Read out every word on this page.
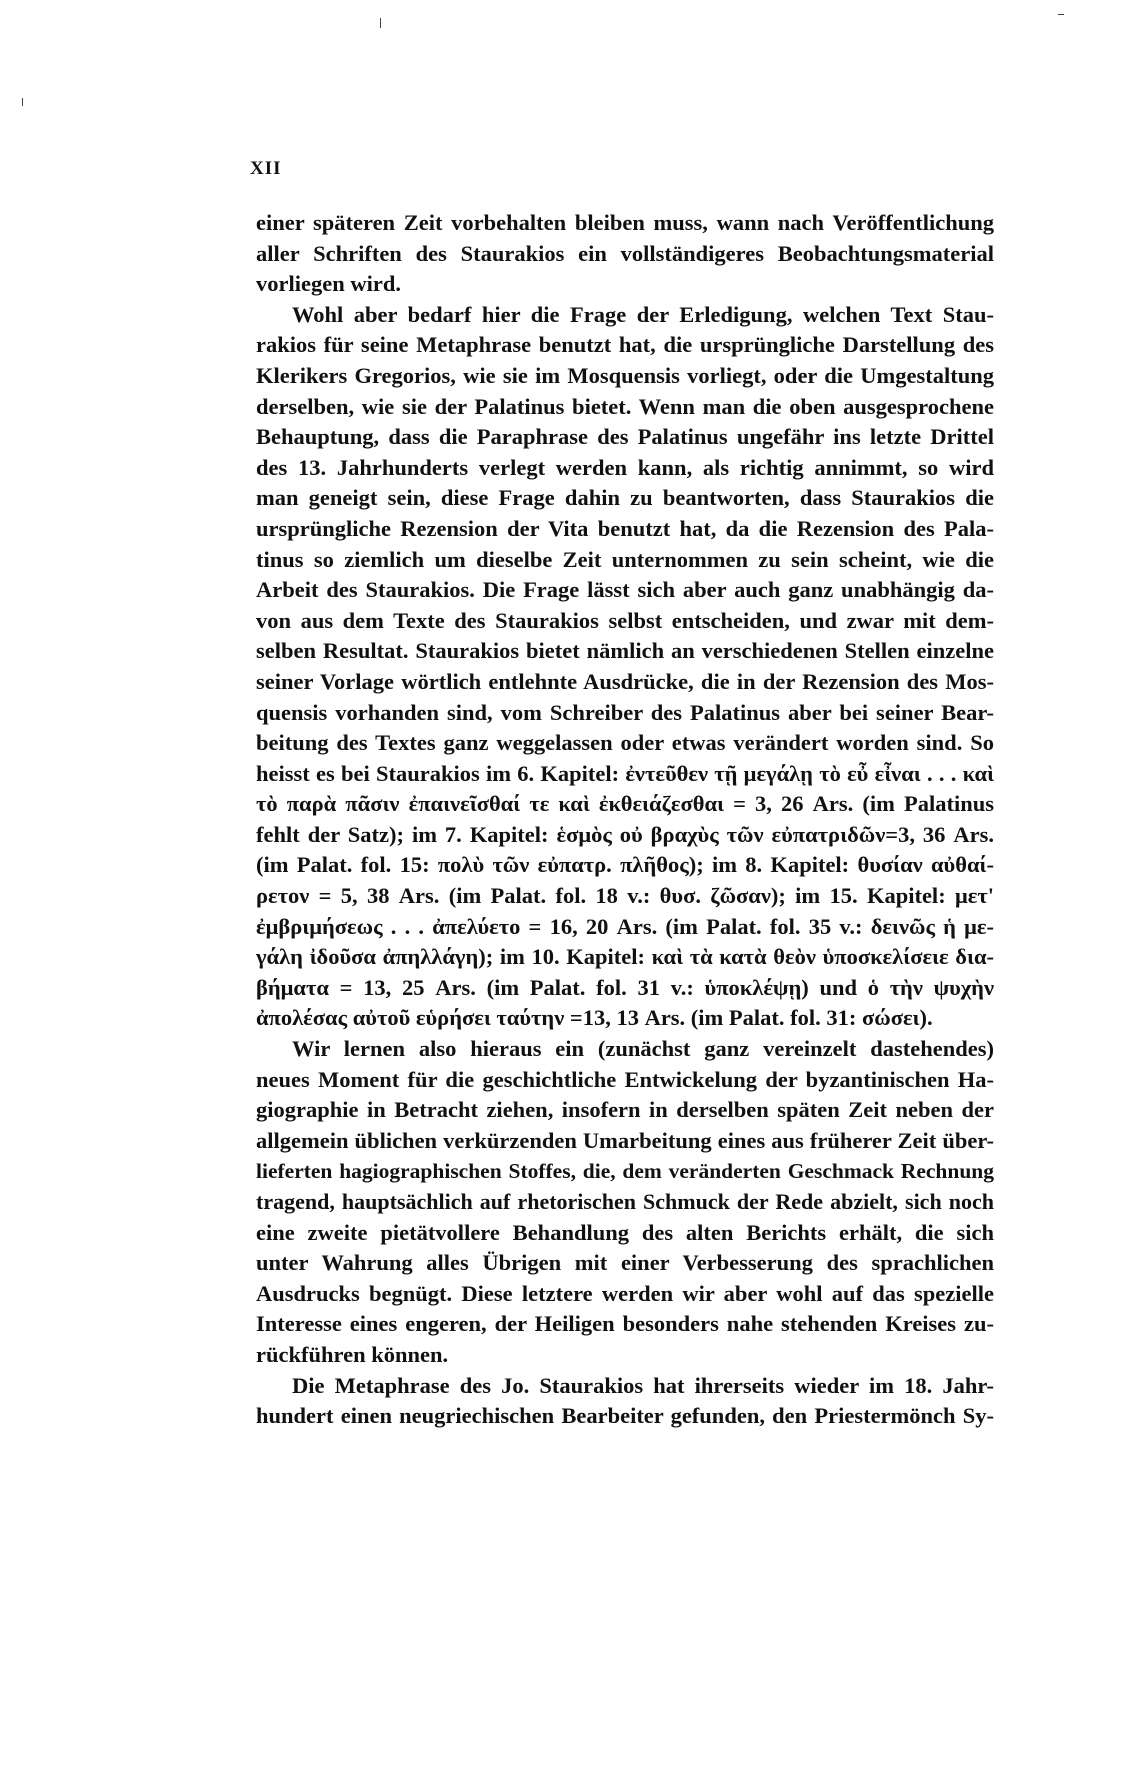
XII
einer späteren Zeit vorbehalten bleiben muss, wann nach Veröffentlichung
aller Schriften des Staurakios ein vollständigeres Beobachtungsmaterial
vorliegen wird.
Wohl aber bedarf hier die Frage der Erledigung, welchen Text Stau-
rakios für seine Metaphrase benutzt hat, die ursprüngliche Darstellung des
Klerikers Gregorios, wie sie im Mosquensis vorliegt, oder die Umgestaltung
derselben, wie sie der Palatinus bietet. Wenn man die oben ausgesprochene
Behauptung, dass die Paraphrase des Palatinus ungefähr ins letzte Drittel
des 13. Jahrhunderts verlegt werden kann, als richtig annimmt, so wird
man geneigt sein, diese Frage dahin zu beantworten, dass Staurakios die
ursprüngliche Rezension der Vita benutzt hat, da die Rezension des Pala-
tinus so ziemlich um dieselbe Zeit unternommen zu sein scheint, wie die
Arbeit des Staurakios. Die Frage lässt sich aber auch ganz unabhängig da-
von aus dem Texte des Staurakios selbst entscheiden, und zwar mit dem-
selben Resultat. Staurakios bietet nämlich an verschiedenen Stellen einzelne
seiner Vorlage wörtlich entlehnte Ausdrücke, die in der Rezension des Mos-
quensis vorhanden sind, vom Schreiber des Palatinus aber bei seiner Bear-
beitung des Textes ganz weggelassen oder etwas verändert worden sind. So
heisst es bei Staurakios im 6. Kapitel: ἐντεῦθεν τῇ μεγάλῃ τὸ εὖ εἶναι . . . καὶ
τὸ παρὰ πᾶσιν ἐπαινεῖσθαί τε καὶ ἐκθειάζεσθαι = 3, 26 Ars. (im Palatinus
fehlt der Satz); im 7. Kapitel: ἑσμὸς οὐ βραχὺς τῶν εὐπατριδῶν=3, 36 Ars.
(im Palat. fol. 15: πολὺ τῶν εὐπατρ. πλῆθος); im 8. Kapitel: θυσίαν αὐθαί-
ρετον = 5, 38 Ars. (im Palat. fol. 18 v.: θυσ. ζῶσαν); im 15. Kapitel: μετ'
ἐμβριμήσεως . . . ἀπελύετο = 16, 20 Ars. (im Palat. fol. 35 v.: δεινῶς ἡ με-
γάλη ἰδοῦσα ἀπηλλάγη); im 10. Kapitel: καὶ τὰ κατὰ θεὸν ὑποσκελίσειε δια-
βήματα = 13, 25 Ars. (im Palat. fol. 31 v.: ὑποκλέψῃ) und ὁ τὴν ψυχὴν
ἀπολέσας αὐτοῦ εὑρήσει ταύτην =13, 13 Ars. (im Palat. fol. 31: σώσει).
Wir lernen also hieraus ein (zunächst ganz vereinzelt dastehendes)
neues Moment für die geschichtliche Entwickelung der byzantinischen Ha-
giographie in Betracht ziehen, insofern in derselben späten Zeit neben der
allgemein üblichen verkürzenden Umarbeitung eines aus früherer Zeit über-
lieferten hagiographischen Stoffes, die, dem veränderten Geschmack Rechnung
tragend, hauptsächlich auf rhetorischen Schmuck der Rede abzielt, sich noch
eine zweite pietätvollere Behandlung des alten Berichts erhält, die sich
unter Wahrung alles Übrigen mit einer Verbesserung des sprachlichen
Ausdrucks begnügt. Diese letztere werden wir aber wohl auf das spezielle
Interesse eines engeren, der Heiligen besonders nahe stehenden Kreises zu-
rückführen können.
Die Metaphrase des Jo. Staurakios hat ihrerseits wieder im 18. Jahr-
hundert einen neugriechischen Bearbeiter gefunden, den Priestermönch Sy-
